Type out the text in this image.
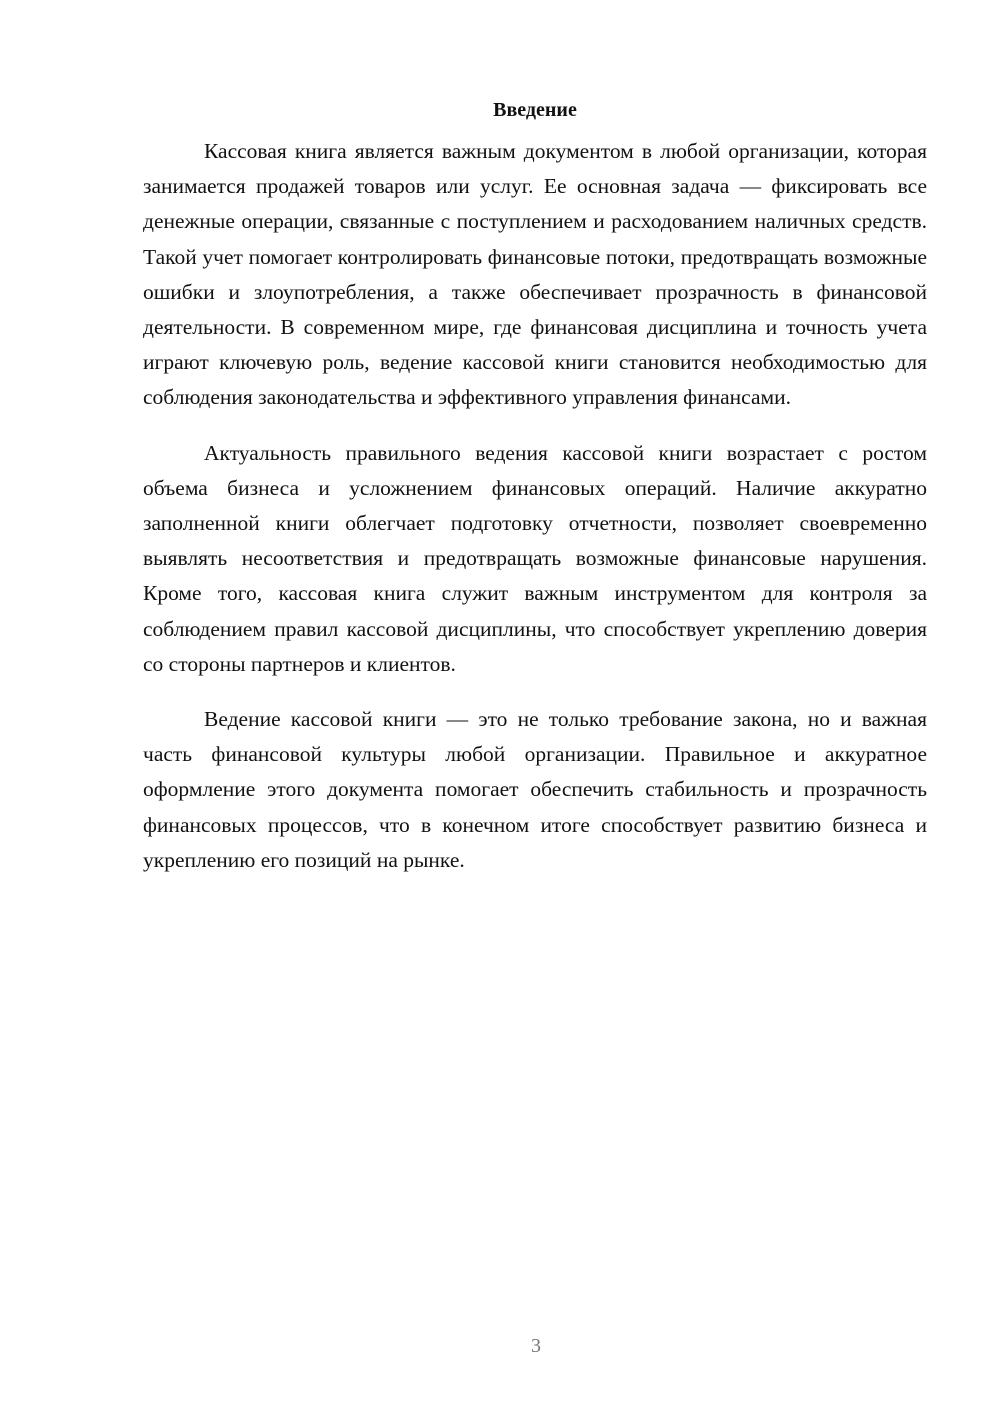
Введение

Кассовая книга является важным документом в любой организации, которая занимается продажей товаров или услуг. Ее основная задача — фиксировать все денежные операции, связанные с поступлением и расходованием наличных средств. Такой учет помогает контролировать финансовые потоки, предотвращать возможные ошибки и злоупотребления, а также обеспечивает прозрачность в финансовой деятельности. В современном мире, где финансовая дисциплина и точность учета играют ключевую роль, ведение кассовой книги становится необходимостью для соблюдения законодательства и эффективного управления финансами.

Актуальность правильного ведения кассовой книги возрастает с ростом объема бизнеса и усложнением финансовых операций. Наличие аккуратно заполненной книги облегчает подготовку отчетности, позволяет своевременно выявлять несоответствия и предотвращать возможные финансовые нарушения. Кроме того, кассовая книга служит важным инструментом для контроля за соблюдением правил кассовой дисциплины, что способствует укреплению доверия со стороны партнеров и клиентов.

Ведение кассовой книги — это не только требование закона, но и важная часть финансовой культуры любой организации. Правильное и аккуратное оформление этого документа помогает обеспечить стабильность и прозрачность финансовых процессов, что в конечном итоге способствует развитию бизнеса и укреплению его позиций на рынке.

3
